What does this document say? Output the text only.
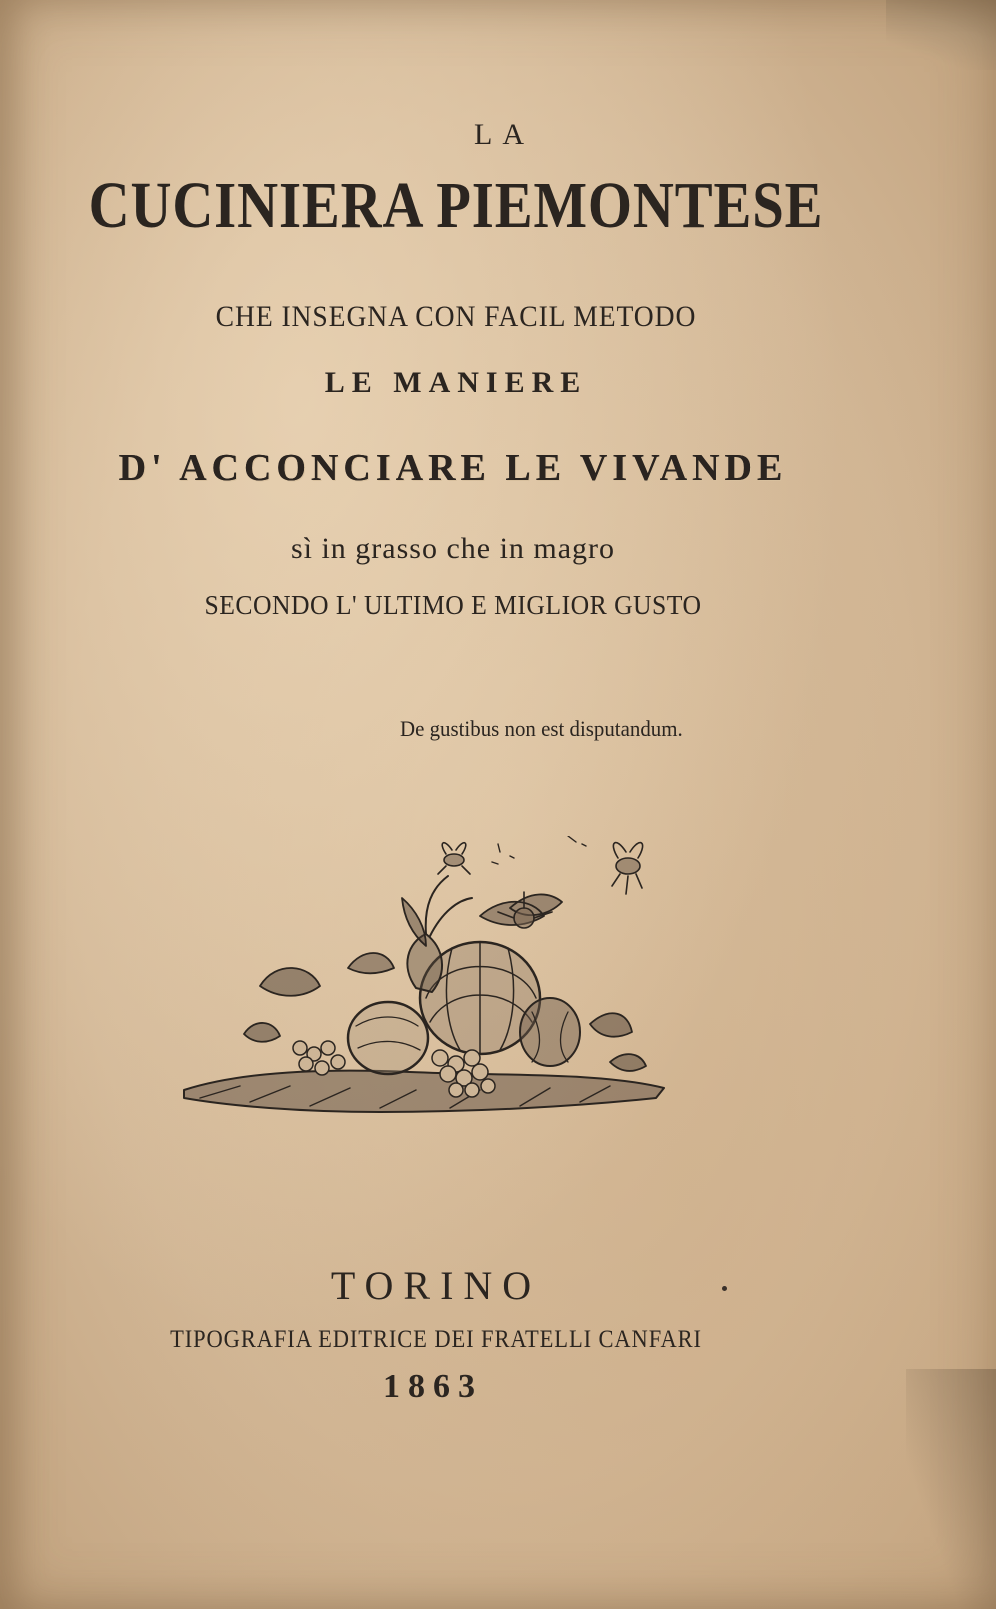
LA
CUCINIERA PIEMONTESE
CHE INSEGNA CON FACIL METODO
LE MANIERE
D' ACCONCIARE LE VIVANDE
sì in grasso che in magro
SECONDO L' ULTIMO E MIGLIOR GUSTO
De gustibus non est disputandum.
TORINO
TIPOGRAFIA EDITRICE DEI FRATELLI CANFARI
1863
